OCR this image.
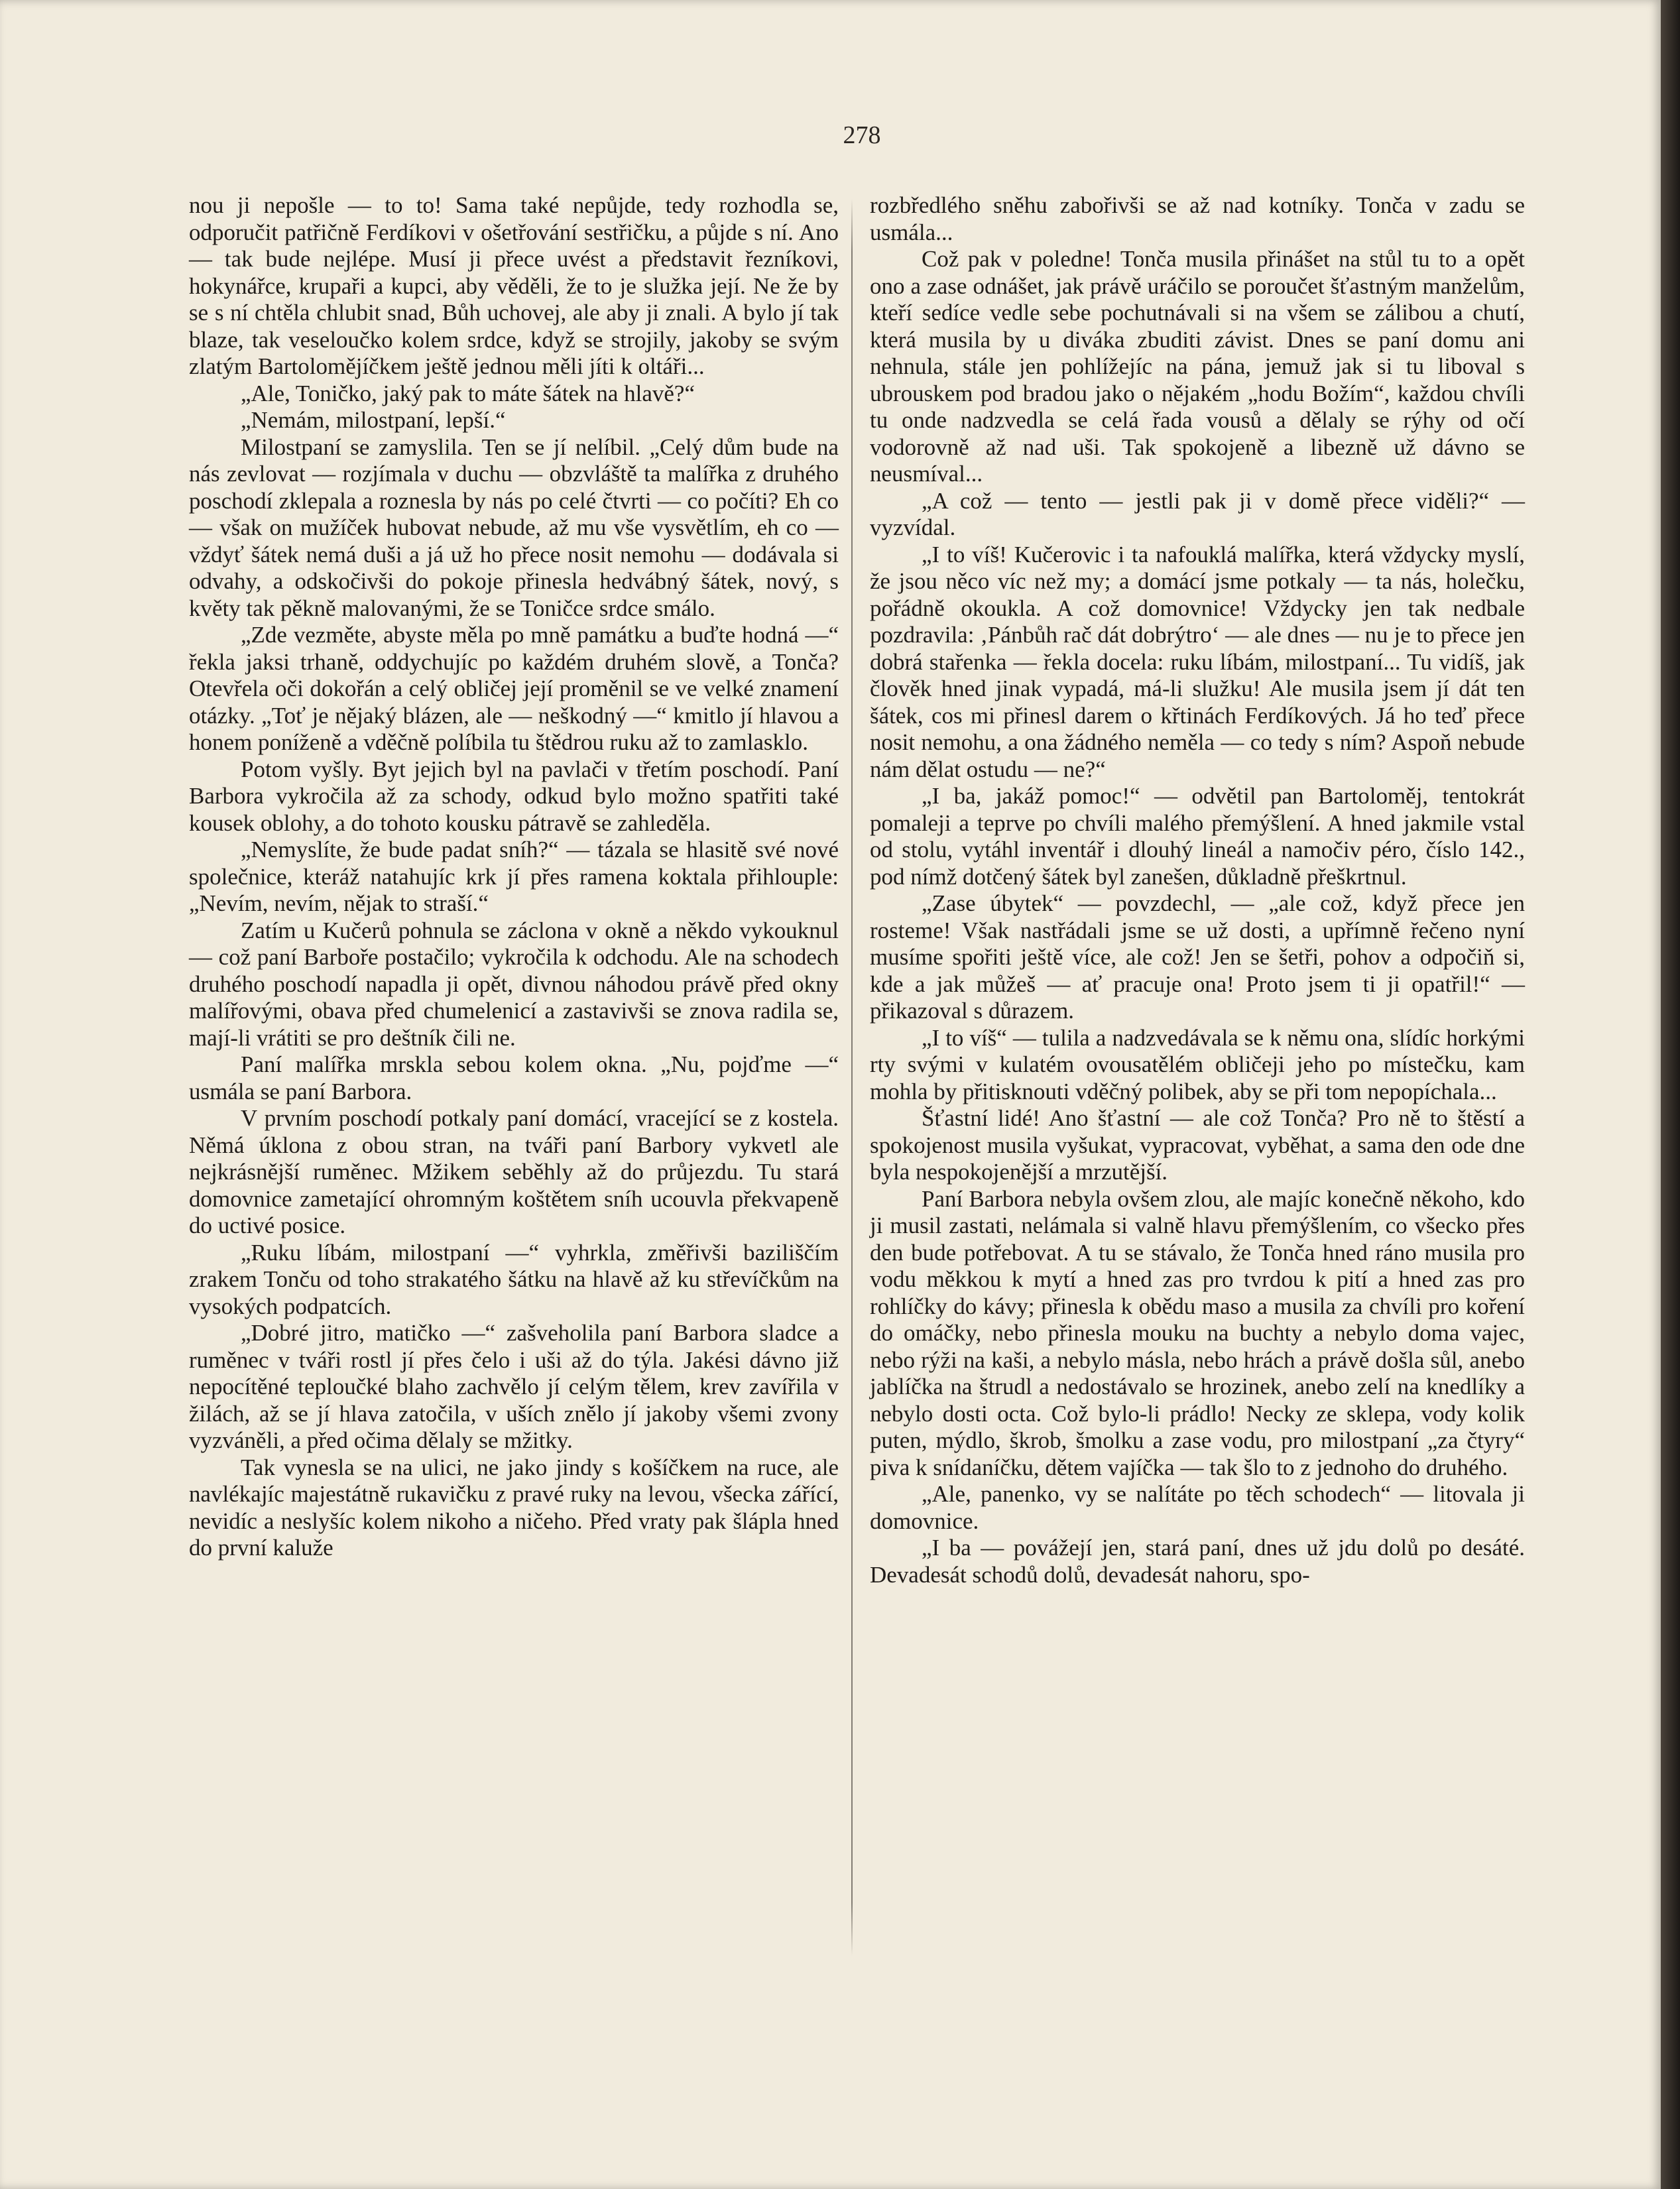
278

nou ji nepošle — to to! Sama také nepůjde, tedy rozhodla se, odporučit patřičně Ferdíkovi v ošetřování sestřičku, a půjde s ní. Ano — tak bude nejlépe. Musí ji přece uvést a představit řezníkovi, hokynářce, krupaři a kupci, aby věděli, že to je služka její. Ne že by se s ní chtěla chlubit snad, Bůh uchovej, ale aby ji znali. A bylo jí tak blaze, tak veseloučko kolem srdce, když se strojily, jakoby se svým zlatým Bartolomějíčkem ještě jednou měli jíti k oltáři...

„Ale, Toničko, jaký pak to máte šátek na hlavě?“

„Nemám, milostpaní, lepší.“

Milostpaní se zamyslila. Ten se jí nelíbil. „Celý dům bude na nás zevlovat — rozjímala v duchu — obzvláště ta malířka z druhého poschodí zklepala a roznesla by nás po celé čtvrti — co počíti? Eh co — však on mužíček hubovat nebude, až mu vše vysvětlím, eh co — vždyť šátek nemá duši a já už ho přece nosit nemohu — dodávala si odvahy, a odskočivši do pokoje přinesla hedvábný šátek, nový, s květy tak pěkně malovanými, že se Toničce srdce smálo.

„Zde vezměte, abyste měla po mně památku a buďte hodná —“ řekla jaksi trhaně, oddychujíc po každém druhém slově, a Tonča? Otevřela oči dokořán a celý obličej její proměnil se ve velké znamení otázky. „Toť je nějaký blázen, ale — neškodný —“ kmitlo jí hlavou a honem poníženě a vděčně políbila tu štědrou ruku až to zamlasklo.

Potom vyšly. Byt jejich byl na pavlači v třetím poschodí. Paní Barbora vykročila až za schody, odkud bylo možno spatřiti také kousek oblohy, a do tohoto kousku pátravě se zahleděla.

„Nemyslíte, že bude padat sníh?“ — tázala se hlasitě své nové společnice, kteráž natahujíc krk jí přes ramena koktala přihlouple: „Nevím, nevím, nějak to straší.“

Zatím u Kučerů pohnula se záclona v okně a někdo vykouknul — což paní Barboře postačilo; vykročila k odchodu. Ale na schodech druhého poschodí napadla ji opět, divnou náhodou právě před okny malířovými, obava před chumelenicí a zastavivši se znova radila se, mají-li vrátiti se pro deštník čili ne.

Paní malířka mrskla sebou kolem okna. „Nu, pojďme —“ usmála se paní Barbora.

V prvním poschodí potkaly paní domácí, vracející se z kostela. Němá úklona z obou stran, na tváři paní Barbory vykvetl ale nejkrásnější ruměnec. Mžikem seběhly až do průjezdu. Tu stará domovnice zametající ohromným koštětem sníh ucouvla překvapeně do uctivé posice.

„Ruku líbám, milostpaní —“ vyhrkla, změřivši bazilišč​ím zrakem Tonču od toho strakatého šátku na hlavě až ku střevíčkům na vysokých podpatcích.

„Dobré jitro, matičko —“ zašveholila paní Barbora sladce a ruměnec v tváři rostl jí přes čelo i uši až do týla. Jakési dávno již nepocítěné teploučké blaho zachvělo jí celým tělem, krev zavířila v žilách, až se jí hlava zatočila, v uších znělo jí jakoby všemi zvony vyzváněli, a před očima dělaly se mžitky.

Tak vynesla se na ulici, ne jako jindy s košíčkem na ruce, ale navlékajíc majestátně rukavičku z pravé ruky na levou, všecka zářící, nevidíc a neslyšíc kolem nikoho a ničeho. Před vraty pak šlápla hned do první kaluže

rozbředlého sněhu zabořivši se až nad kotníky. Tonča v zadu se usmála...

Což pak v poledne! Tonča musila přinášet na stůl tu to a opět ono a zase odnášet, jak právě uráčilo se poroučet šťastným manželům, kteří sedíce vedle sebe pochutnávali si na všem se zálibou a chutí, která musila by u diváka zbuditi závist. Dnes se paní domu ani nehnula, stále jen pohlížejíc na pána, jemuž jak si tu liboval s ubrouskem pod bradou jako o nějakém „hodu Božím“, každou chvíli tu onde nadzvedla se celá řada vousů a dělaly se rýhy od očí vodorovně až nad uši. Tak spokojeně a libezně už dávno se neusmíval...

„A což — tento — jestli pak ji v domě přece viděli?“ — vyzvídal.

„I to víš! Kučerovic i ta nafouklá malířka, která vždycky myslí, že jsou něco víc než my; a domácí jsme potkaly — ta nás, holečku, pořádně okoukla. A což domovnice! Vždycky jen tak nedbale pozdravila: ‚Pánbůh rač dát dobrýtro‘ — ale dnes — nu je to přece jen dobrá stařenka — řekla docela: ruku líbám, milostpaní... Tu vidíš, jak člověk hned jinak vypadá, má-li služku! Ale musila jsem jí dát ten šátek, cos mi přinesl darem o křtinách Ferdíkových. Já ho teď přece nosit nemohu, a ona žádného neměla — co tedy s ním? Aspoň nebude nám dělat ostudu — ne?“

„I ba, jakáž pomoc!“ — odvětil pan Bartoloměj, tentokrát pomaleji a teprve po chvíli malého přemýšlení. A hned jakmile vstal od stolu, vytáhl inventář i dlouhý lineál a namočiv péro, číslo 142., pod nímž dotčený šátek byl zanešen, důkladně přeškrtnul.

„Zase úbytek“ — povzdechl, — „ale což, když přece jen rosteme! Však nastřádali jsme se už dosti, a upřímně řečeno nyní musíme spořiti ještě více, ale což! Jen se šetři, pohov a odpočiň si, kde a jak můžeš — ať pracuje ona! Proto jsem ti ji opatřil!“ — přikazoval s důrazem.

„I to víš“ — tulila a nadzvedávala se k němu ona, slídíc horkými rty svými v kulatém ovousatělém obličeji jeho po místečku, kam mohla by přitisknouti vděčný polibek, aby se při tom nepopíchala...

Šťastní lidé! Ano šťastní — ale což Tonča? Pro ně to štěstí a spokojenost musila vyšukat, vypracovat, vyběhat, a sama den ode dne byla nespokojenější a mrzutější.

Paní Barbora nebyla ovšem zlou, ale majíc konečně někoho, kdo ji musil zastati, nelámala si valně hlavu přemýšlením, co všecko přes den bude potřebovat. A tu se stávalo, že Tonča hned ráno musila pro vodu měkkou k mytí a hned zas pro tvrdou k pití a hned zas pro rohlíčky do kávy; přinesla k obědu maso a musila za chvíli pro koření do omáčky, nebo přinesla mouku na buchty a nebylo doma vajec, nebo rýži na kaši, a nebylo másla, nebo hrách a právě došla sůl, anebo jablíčka na štrudl a nedostávalo se hrozinek, anebo zelí na knedlíky a nebylo dosti octa. Což bylo-li prádlo! Necky ze sklepa, vody kolik puten, mýdlo, škrob, šmolku a zase vodu, pro milostpaní „za čtyry“ piva k snídaníčku, dětem vajíčka — tak šlo to z jednoho do druhého.

„Ale, panenko, vy se nalítáte po těch schodech“ — litovala ji domovnice.

„I ba — povážejí jen, stará paní, dnes už jdu dolů po desáté. Devadesát schodů dolů, devadesát nahoru, spo-
